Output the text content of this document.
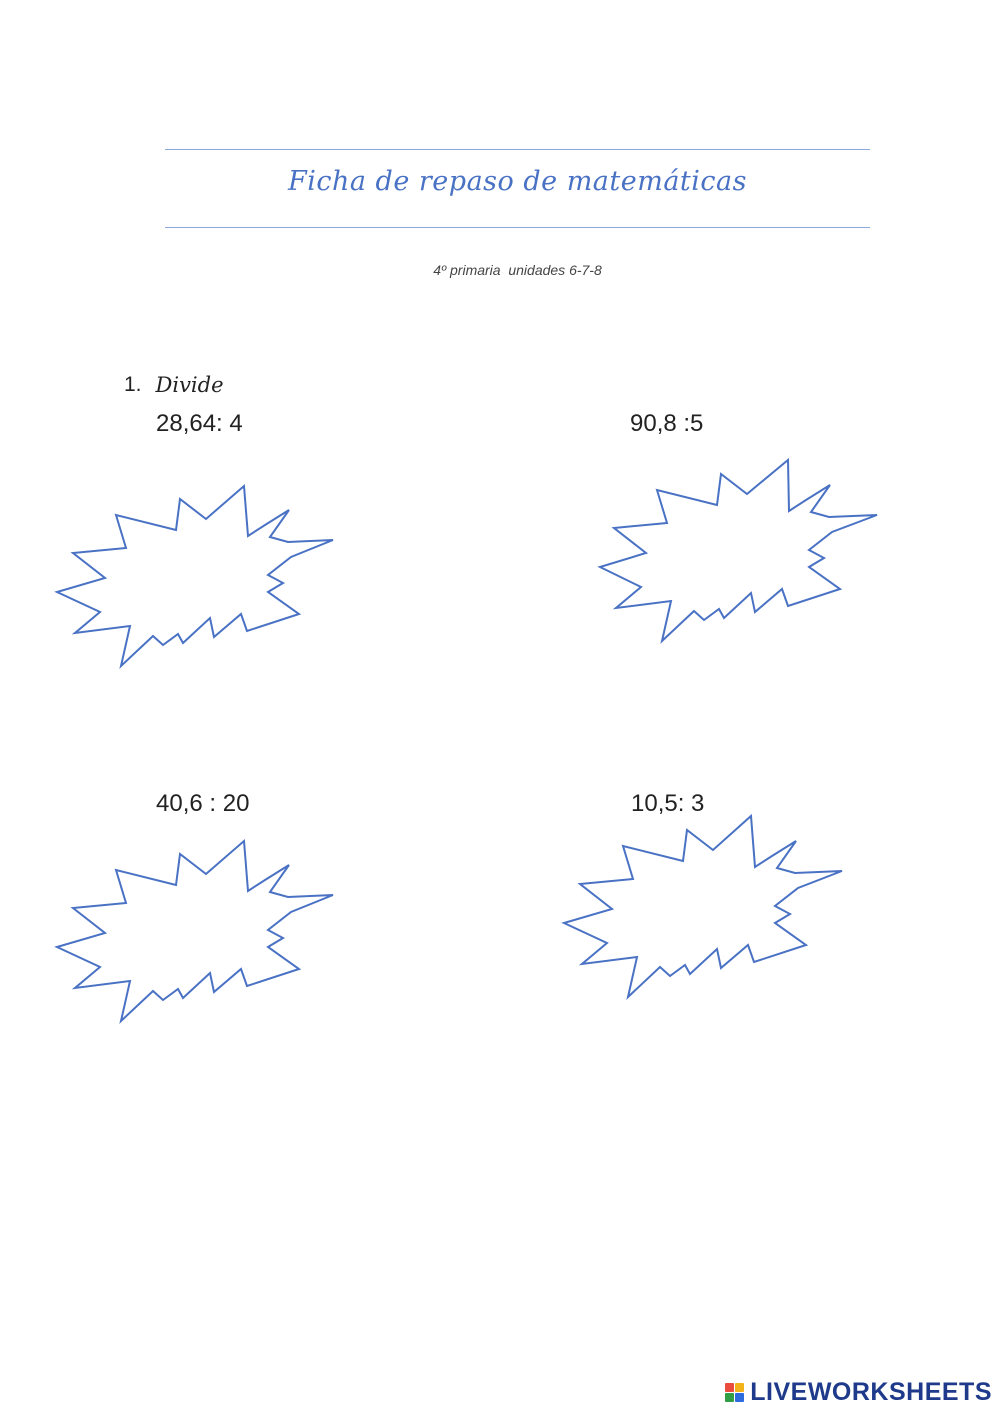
Ficha de repaso de matemáticas
4º primaria  unidades 6-7-8
1. Divide
28,64: 4	90,8 :5
40,6 : 20	10,5: 3
LIVEWORKSHEETS
